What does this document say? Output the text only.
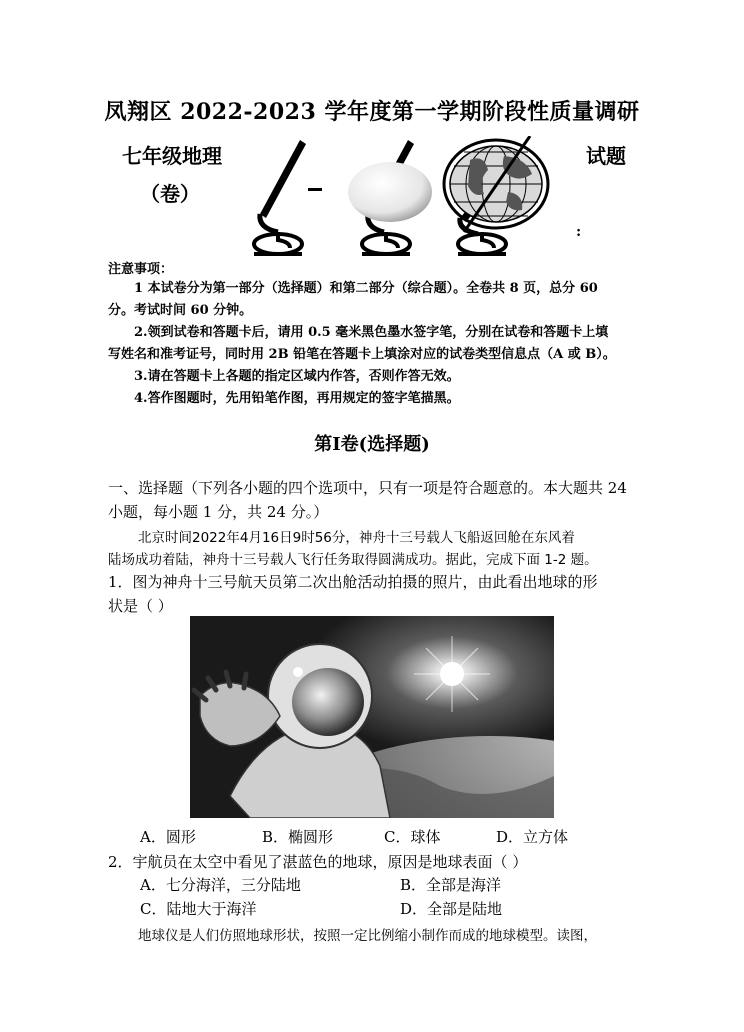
凤翔区 2022-2023 学年度第一学期阶段性质量调研
七年级地理	试题
（卷）
:
注意事项：
1 本试卷分为第一部分（选择题）和第二部分（综合题）。全卷共 8 页，总分 60
分。考试时间 60 分钟。
2.领到试卷和答题卡后，请用 0.5 毫米黑色墨水签字笔，分别在试卷和答题卡上填
写姓名和准考证号，同时用 2B 铅笔在答题卡上填涂对应的试卷类型信息点（A 或 B）。
3.请在答题卡上各题的指定区域内作答，否则作答无效。
4.答作图题时，先用铅笔作图，再用规定的签字笔描黑。
第Ⅰ卷(选择题)
一、选择题（下列各小题的四个选项中，只有一项是符合题意的。本大题共 24
小题，每小题 1 分，共 24 分。）
北京时间2022年4月16日9时56分，神舟十三号载人飞船返回舱在东风着
陆场成功着陆，神舟十三号载人飞行任务取得圆满成功。据此，完成下面 1-2 题。
1．图为神舟十三号航天员第二次出舱活动拍摄的照片，由此看出地球的形
状是（ ）
A．圆形	B．椭圆形	C．球体	D．立方体
2．宇航员在太空中看见了湛蓝色的地球，原因是地球表面（ ）
A．七分海洋，三分陆地	B．全部是海洋
C．陆地大于海洋	D．全部是陆地
地球仪是人们仿照地球形状，按照一定比例缩小制作而成的地球模型。读图，
